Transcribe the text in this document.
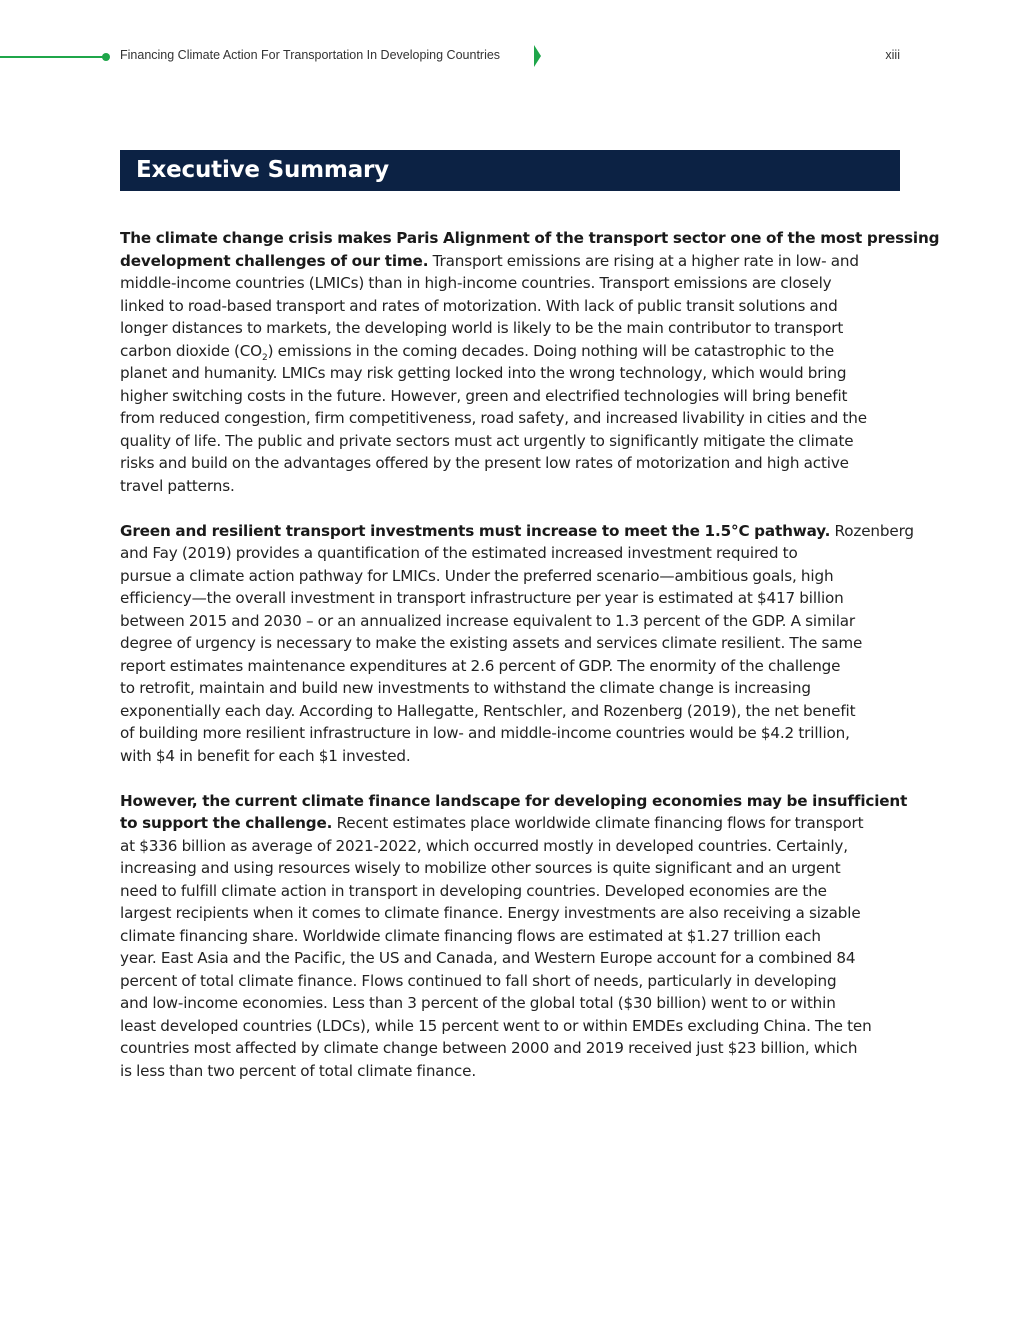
Financing Climate Action For Transportation In Developing Countries	xiii
Executive Summary

The climate change crisis makes Paris Alignment of the transport sector one of the most pressing
development challenges of our time. Transport emissions are rising at a higher rate in low- and
middle-income countries (LMICs) than in high-income countries. Transport emissions are closely
linked to road-based transport and rates of motorization. With lack of public transit solutions and
longer distances to markets, the developing world is likely to be the main contributor to transport
carbon dioxide $(CO_2)$ emissions in the coming decades. Doing nothing will be catastrophic to the
planet and humanity. LMICs may risk getting locked into the wrong technology, which would bring
higher switching costs in the future. However, green and electrified technologies will bring benefit
from reduced congestion, firm competitiveness, road safety, and increased livability in cities and the
quality of life. The public and private sectors must act urgently to significantly mitigate the climate
risks and build on the advantages offered by the present low rates of motorization and high active
travel patterns.

Green and resilient transport investments must increase to meet the 1.5°C pathway. Rozenberg
and Fay (2019) provides a quantification of the estimated increased investment required to
pursue a climate action pathway for LMICs. Under the preferred scenario—ambitious goals, high
efficiency—the overall investment in transport infrastructure per year is estimated at $417 billion
between 2015 and 2030 – or an annualized increase equivalent to 1.3 percent of the GDP. A similar
degree of urgency is necessary to make the existing assets and services climate resilient. The same
report estimates maintenance expenditures at 2.6 percent of GDP. The enormity of the challenge
to retrofit, maintain and build new investments to withstand the climate change is increasing
exponentially each day. According to Hallegatte, Rentschler, and Rozenberg (2019), the net benefit
of building more resilient infrastructure in low- and middle-income countries would be $4.2 trillion,
with $4 in benefit for each $1 invested.

However, the current climate finance landscape for developing economies may be insufficient
to support the challenge. Recent estimates place worldwide climate financing flows for transport
at $336 billion as average of 2021-2022, which occurred mostly in developed countries. Certainly,
increasing and using resources wisely to mobilize other sources is quite significant and an urgent
need to fulfill climate action in transport in developing countries. Developed economies are the
largest recipients when it comes to climate finance. Energy investments are also receiving a sizable
climate financing share. Worldwide climate financing flows are estimated at $1.27 trillion each
year. East Asia and the Pacific, the US and Canada, and Western Europe account for a combined 84
percent of total climate finance. Flows continued to fall short of needs, particularly in developing
and low-income economies. Less than 3 percent of the global total ($30 billion) went to or within
least developed countries (LDCs), while 15 percent went to or within EMDEs excluding China. The ten
countries most affected by climate change between 2000 and 2019 received just $23 billion, which
is less than two percent of total climate finance.
